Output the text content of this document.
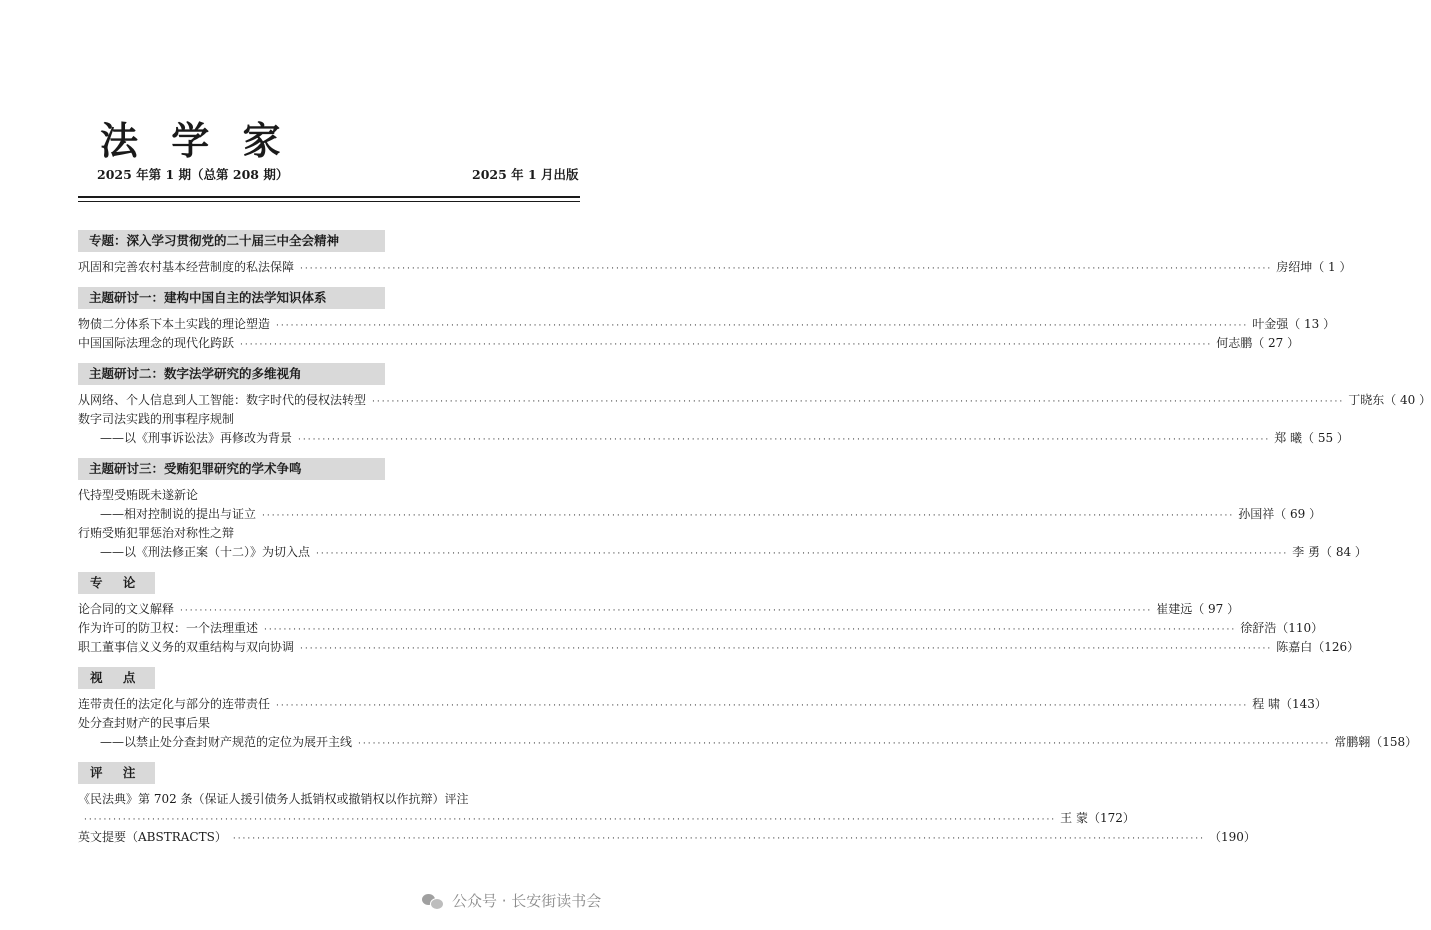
法 学 家
2025 年第 1 期（总第 208 期）	2025 年 1 月出版
专题：深入学习贯彻党的二十届三中全会精神
巩固和完善农村基本经营制度的私法保障 ········································································································································································································ 房绍坤 （ 1 ）
主题研讨一：建构中国自主的法学知识体系
物债二分体系下本土实践的理论塑造 ········································································································································································································ 叶金强 （ 13 ）
中国国际法理念的现代化跨跃 ········································································································································································································ 何志鹏 （ 27 ）
主题研讨二：数字法学研究的多维视角
从网络、个人信息到人工智能：数字时代的侵权法转型 ········································································································································································································ 丁晓东 （ 40 ）
数字司法实践的刑事程序规制
——以《刑事诉讼法》再修改为背景 ········································································································································································································ 郑 曦 （ 55 ）
主题研讨三：受贿犯罪研究的学术争鸣
代持型受贿既未遂新论
——相对控制说的提出与证立 ········································································································································································································ 孙国祥 （ 69 ）
行贿受贿犯罪惩治对称性之辩
——以《刑法修正案（十二）》为切入点 ········································································································································································································ 李 勇 （ 84 ）
专 论
论合同的文义解释 ········································································································································································································ 崔建远 （ 97 ）
作为许可的防卫权：一个法理重述 ········································································································································································································ 徐舒浩 （110）
职工董事信义义务的双重结构与双向协调 ········································································································································································································ 陈嘉白 （126）
视 点
连带责任的法定化与部分的连带责任 ········································································································································································································ 程 啸 （143）
处分查封财产的民事后果
——以禁止处分查封财产规范的定位为展开主线 ········································································································································································································ 常鹏翱 （158）
评 注
《民法典》第 702 条（保证人援引债务人抵销权或撤销权以作抗辩）评注
········································································································································································································ 王 蒙 （172）
英文提要（ABSTRACTS） ········································································································································································································ （190）
公众号 · 长安街读书会
